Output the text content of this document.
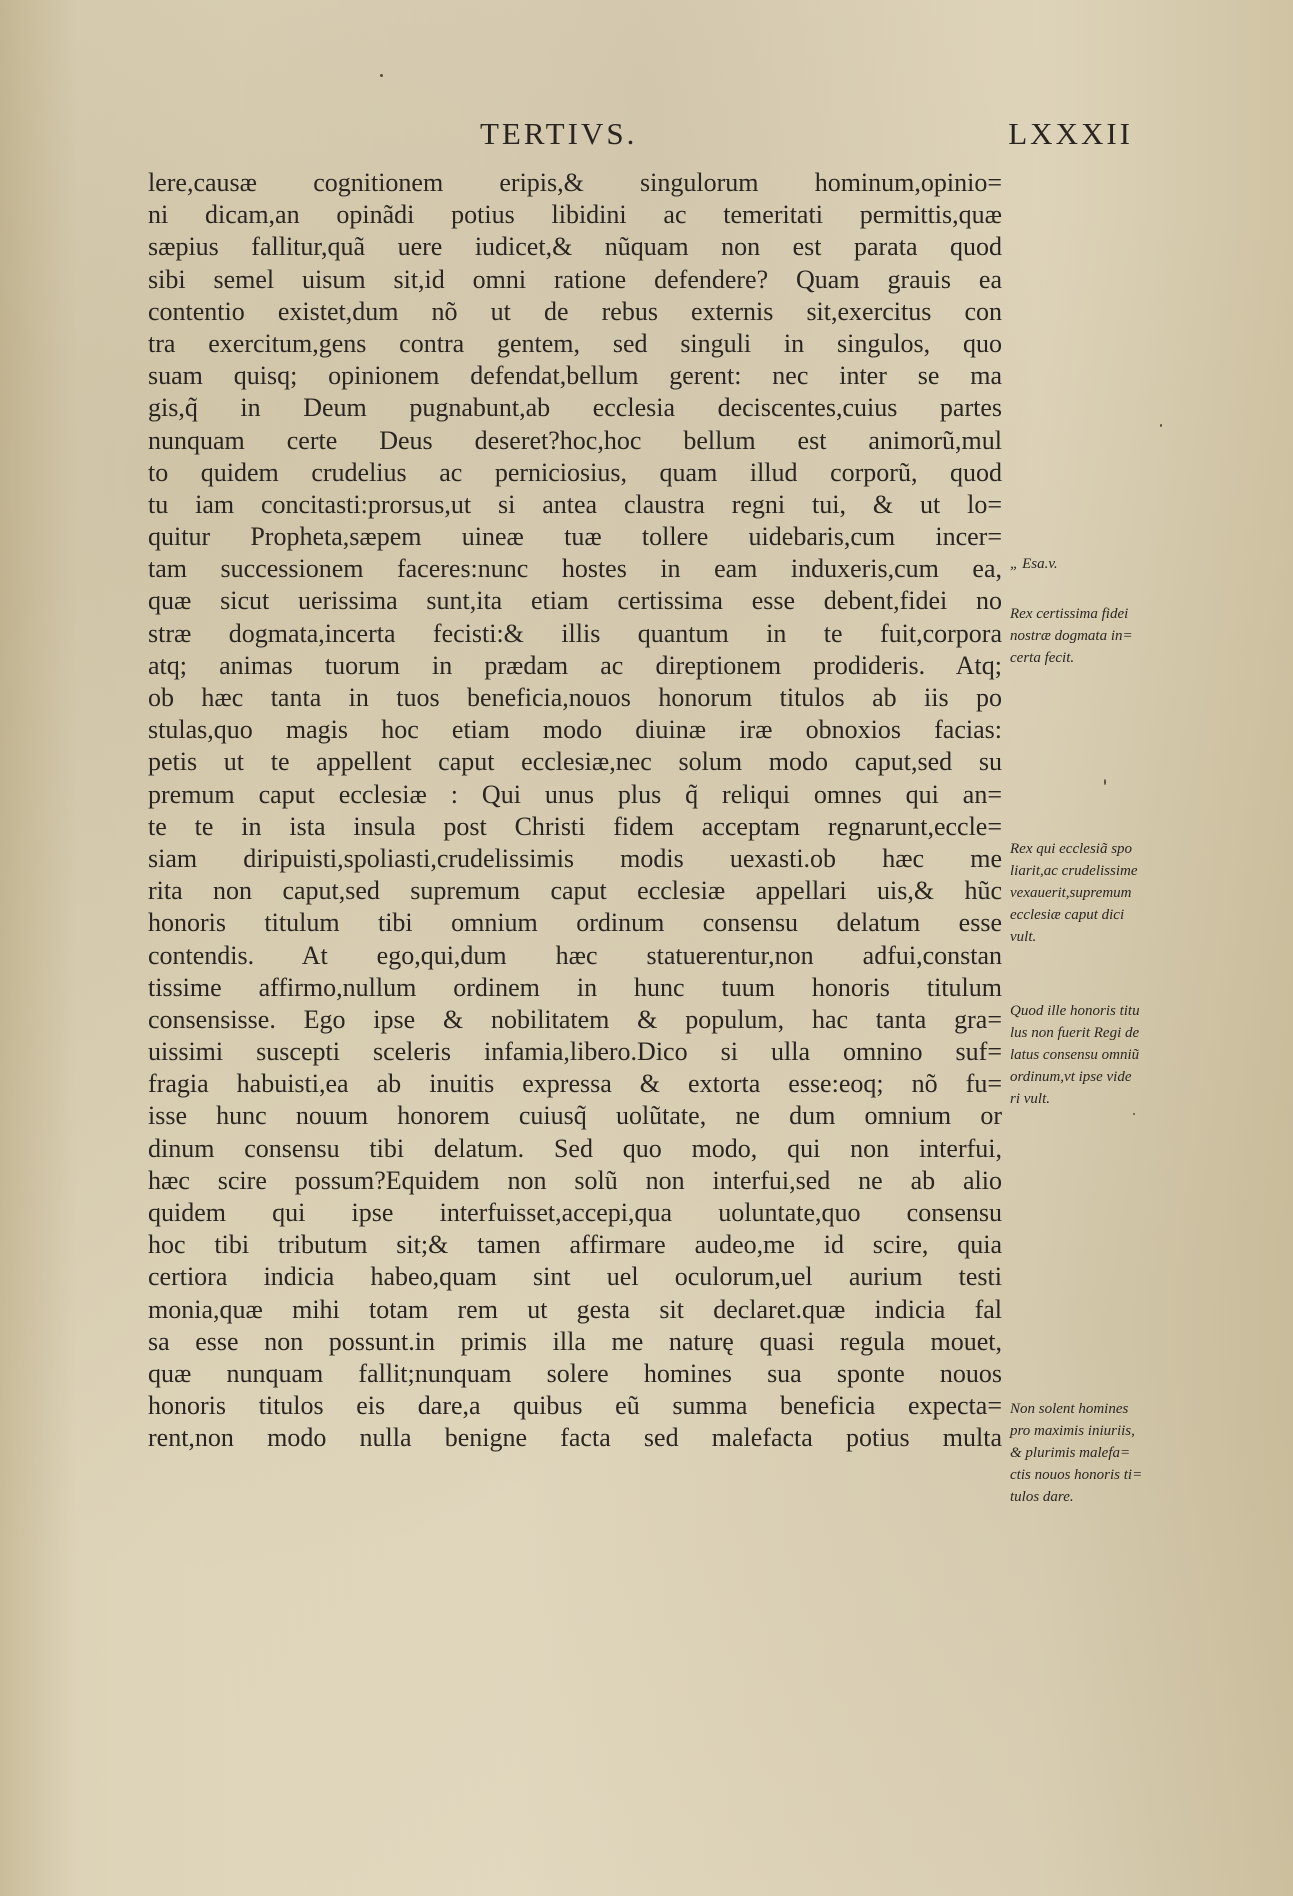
TERTIVS.	LXXXII
lere,causæ cognitionem eripis,& singulorum hominum,opinio=
ni dicam,an opinãdi potius libidini ac temeritati permittis,quæ
sæpius fallitur,quã uere iudicet,& nũquam non est parata quod
sibi semel uisum sit,id omni ratione defendere? Quam grauis ea
contentio existet,dum nõ ut de rebus externis sit,exercitus con
tra exercitum,gens contra gentem, sed singuli in singulos, quo
suam quisq; opinionem defendat,bellum gerent: nec inter se ma
gis,q̃ in Deum pugnabunt,ab ecclesia deciscentes,cuius partes
nunquam certe Deus deseret?hoc,hoc bellum est animorũ,mul
to quidem crudelius ac perniciosius, quam illud corporũ, quod
tu iam concitasti:prorsus,ut si antea claustra regni tui, & ut lo=
quitur Propheta,sæpem uineæ tuæ tollere uidebaris,cum incer=
tam successionem faceres:nunc hostes in eam induxeris,cum ea,
quæ sicut uerissima sunt,ita etiam certissima esse debent,fidei no
stræ dogmata,incerta fecisti:& illis quantum in te fuit,corpora
atq; animas tuorum in prædam ac direptionem prodideris. Atq;
ob hæc tanta in tuos beneficia,nouos honorum titulos ab iis po
stulas,quo magis hoc etiam modo diuinæ iræ obnoxios facias:
petis ut te appellent caput ecclesiæ,nec solum modo caput,sed su
premum caput ecclesiæ : Qui unus plus q̃ reliqui omnes qui an=
te te in ista insula post Christi fidem acceptam regnarunt,eccle=
siam diripuisti,spoliasti,crudelissimis modis uexasti.ob hæc me
rita non caput,sed supremum caput ecclesiæ appellari uis,& hũc
honoris titulum tibi omnium ordinum consensu delatum esse
contendis. At ego,qui,dum hæc statuerentur,non adfui,constan
tissime affirmo,nullum ordinem in hunc tuum honoris titulum
consensisse. Ego ipse & nobilitatem & populum, hac tanta gra=
uissimi suscepti sceleris infamia,libero.Dico si ulla omnino suf=
fragia habuisti,ea ab inuitis expressa & extorta esse:eoq; nõ fu=
isse hunc nouum honorem cuiusq̃ uolũtate, ne dum omnium or
dinum consensu tibi delatum. Sed quo modo, qui non interfui,
hæc scire possum?Equidem non solũ non interfui,sed ne ab alio
quidem qui ipse interfuisset,accepi,qua uoluntate,quo consensu
hoc tibi tributum sit;& tamen affirmare audeo,me id scire, quia
certiora indicia habeo,quam sint uel oculorum,uel aurium testi
monia,quæ mihi totam rem ut gesta sit declaret.quæ indicia fal
sa esse non possunt.in primis illa me naturę quasi regula mouet,
quæ nunquam fallit;nunquam solere homines sua sponte nouos
honoris titulos eis dare,a quibus eũ summa beneficia expecta=
rent,non modo nulla benigne facta sed malefacta potius multa
„ Esa.v.
Rex certissima fidei
nostræ dogmata in=
certa fecit.
Rex qui ecclesiã spo
liarit,ac crudelissime
vexauerit,supremum
ecclesiæ caput dici
vult.
Quod ille honoris titu
lus non fuerit Regi de
latus consensu omniũ
ordinum,vt ipse vide
ri vult.
Non solent homines
pro maximis iniuriis,
& plurimis malefa=
ctis nouos honoris ti=
tulos dare.
